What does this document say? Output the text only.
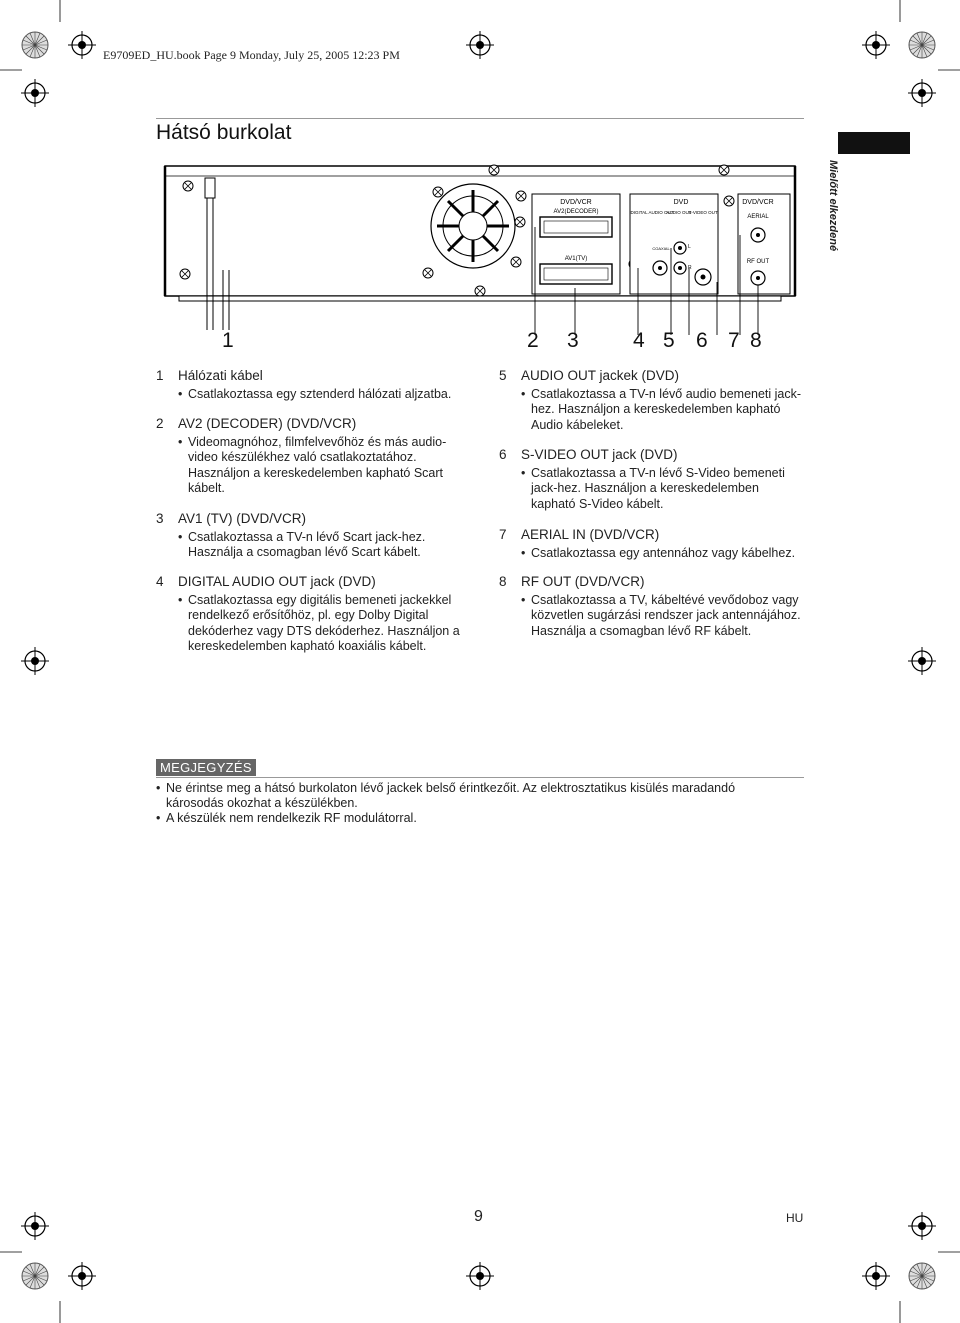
E9709ED_HU.book Page 9 Monday, July 25, 2005 12:23 PM
Hátsó burkolat
Mielőtt elkezdené
DVD/VCR
AV2(DECODER)
AV1(TV)
DVD
DIGITAL AUDIO OUT
AUDIO OUT
S-VIDEO OUT
COAXIAL	L
R
DVD/VCR
AERIAL
RF OUT
1	2 3	4 5 6 7 8
1 Hálózati kábel
• Csatlakoztassa egy sztenderd hálózati aljzatba.
2 AV2 (DECODER) (DVD/VCR)
• Videomagnóhoz, filmfelvevőhöz és más audio-video készülékhez való csatlakoztatához. Használjon a kereskedelemben kapható Scart kábelt.
3 AV1 (TV) (DVD/VCR)
• Csatlakoztassa a TV-n lévő Scart jack-hez. Használja a csomagban lévő Scart kábelt.
4 DIGITAL AUDIO OUT jack (DVD)
• Csatlakoztassa egy digitális bemeneti jackekkel rendelkező erősítőhöz, pl. egy Dolby Digital dekóderhez vagy DTS dekóderhez. Használjon a kereskedelemben kapható koaxiális kábelt.
5 AUDIO OUT jackek (DVD)
• Csatlakoztassa a TV-n lévő audio bemeneti jack-hez. Használjon a kereskedelemben kapható Audio kábeleket.
6 S-VIDEO OUT jack (DVD)
• Csatlakoztassa a TV-n lévő S-Video bemeneti jack-hez. Használjon a kereskedelemben kapható S-Video kábelt.
7 AERIAL IN (DVD/VCR)
• Csatlakoztassa egy antennához vagy kábelhez.
8 RF OUT (DVD/VCR)
• Csatlakoztassa a TV, kábeltévé vevődoboz vagy közvetlen sugárzási rendszer jack antennájához. Használja a csomagban lévő RF kábelt.
MEGJEGYZÉS
• Ne érintse meg a hátsó burkolaton lévő jackek belső érintkezőit. Az elektrosztatikus kisülés maradandó károsodás okozhat a készülékben.
• A készülék nem rendelkezik RF modulátorral.
9	HU
